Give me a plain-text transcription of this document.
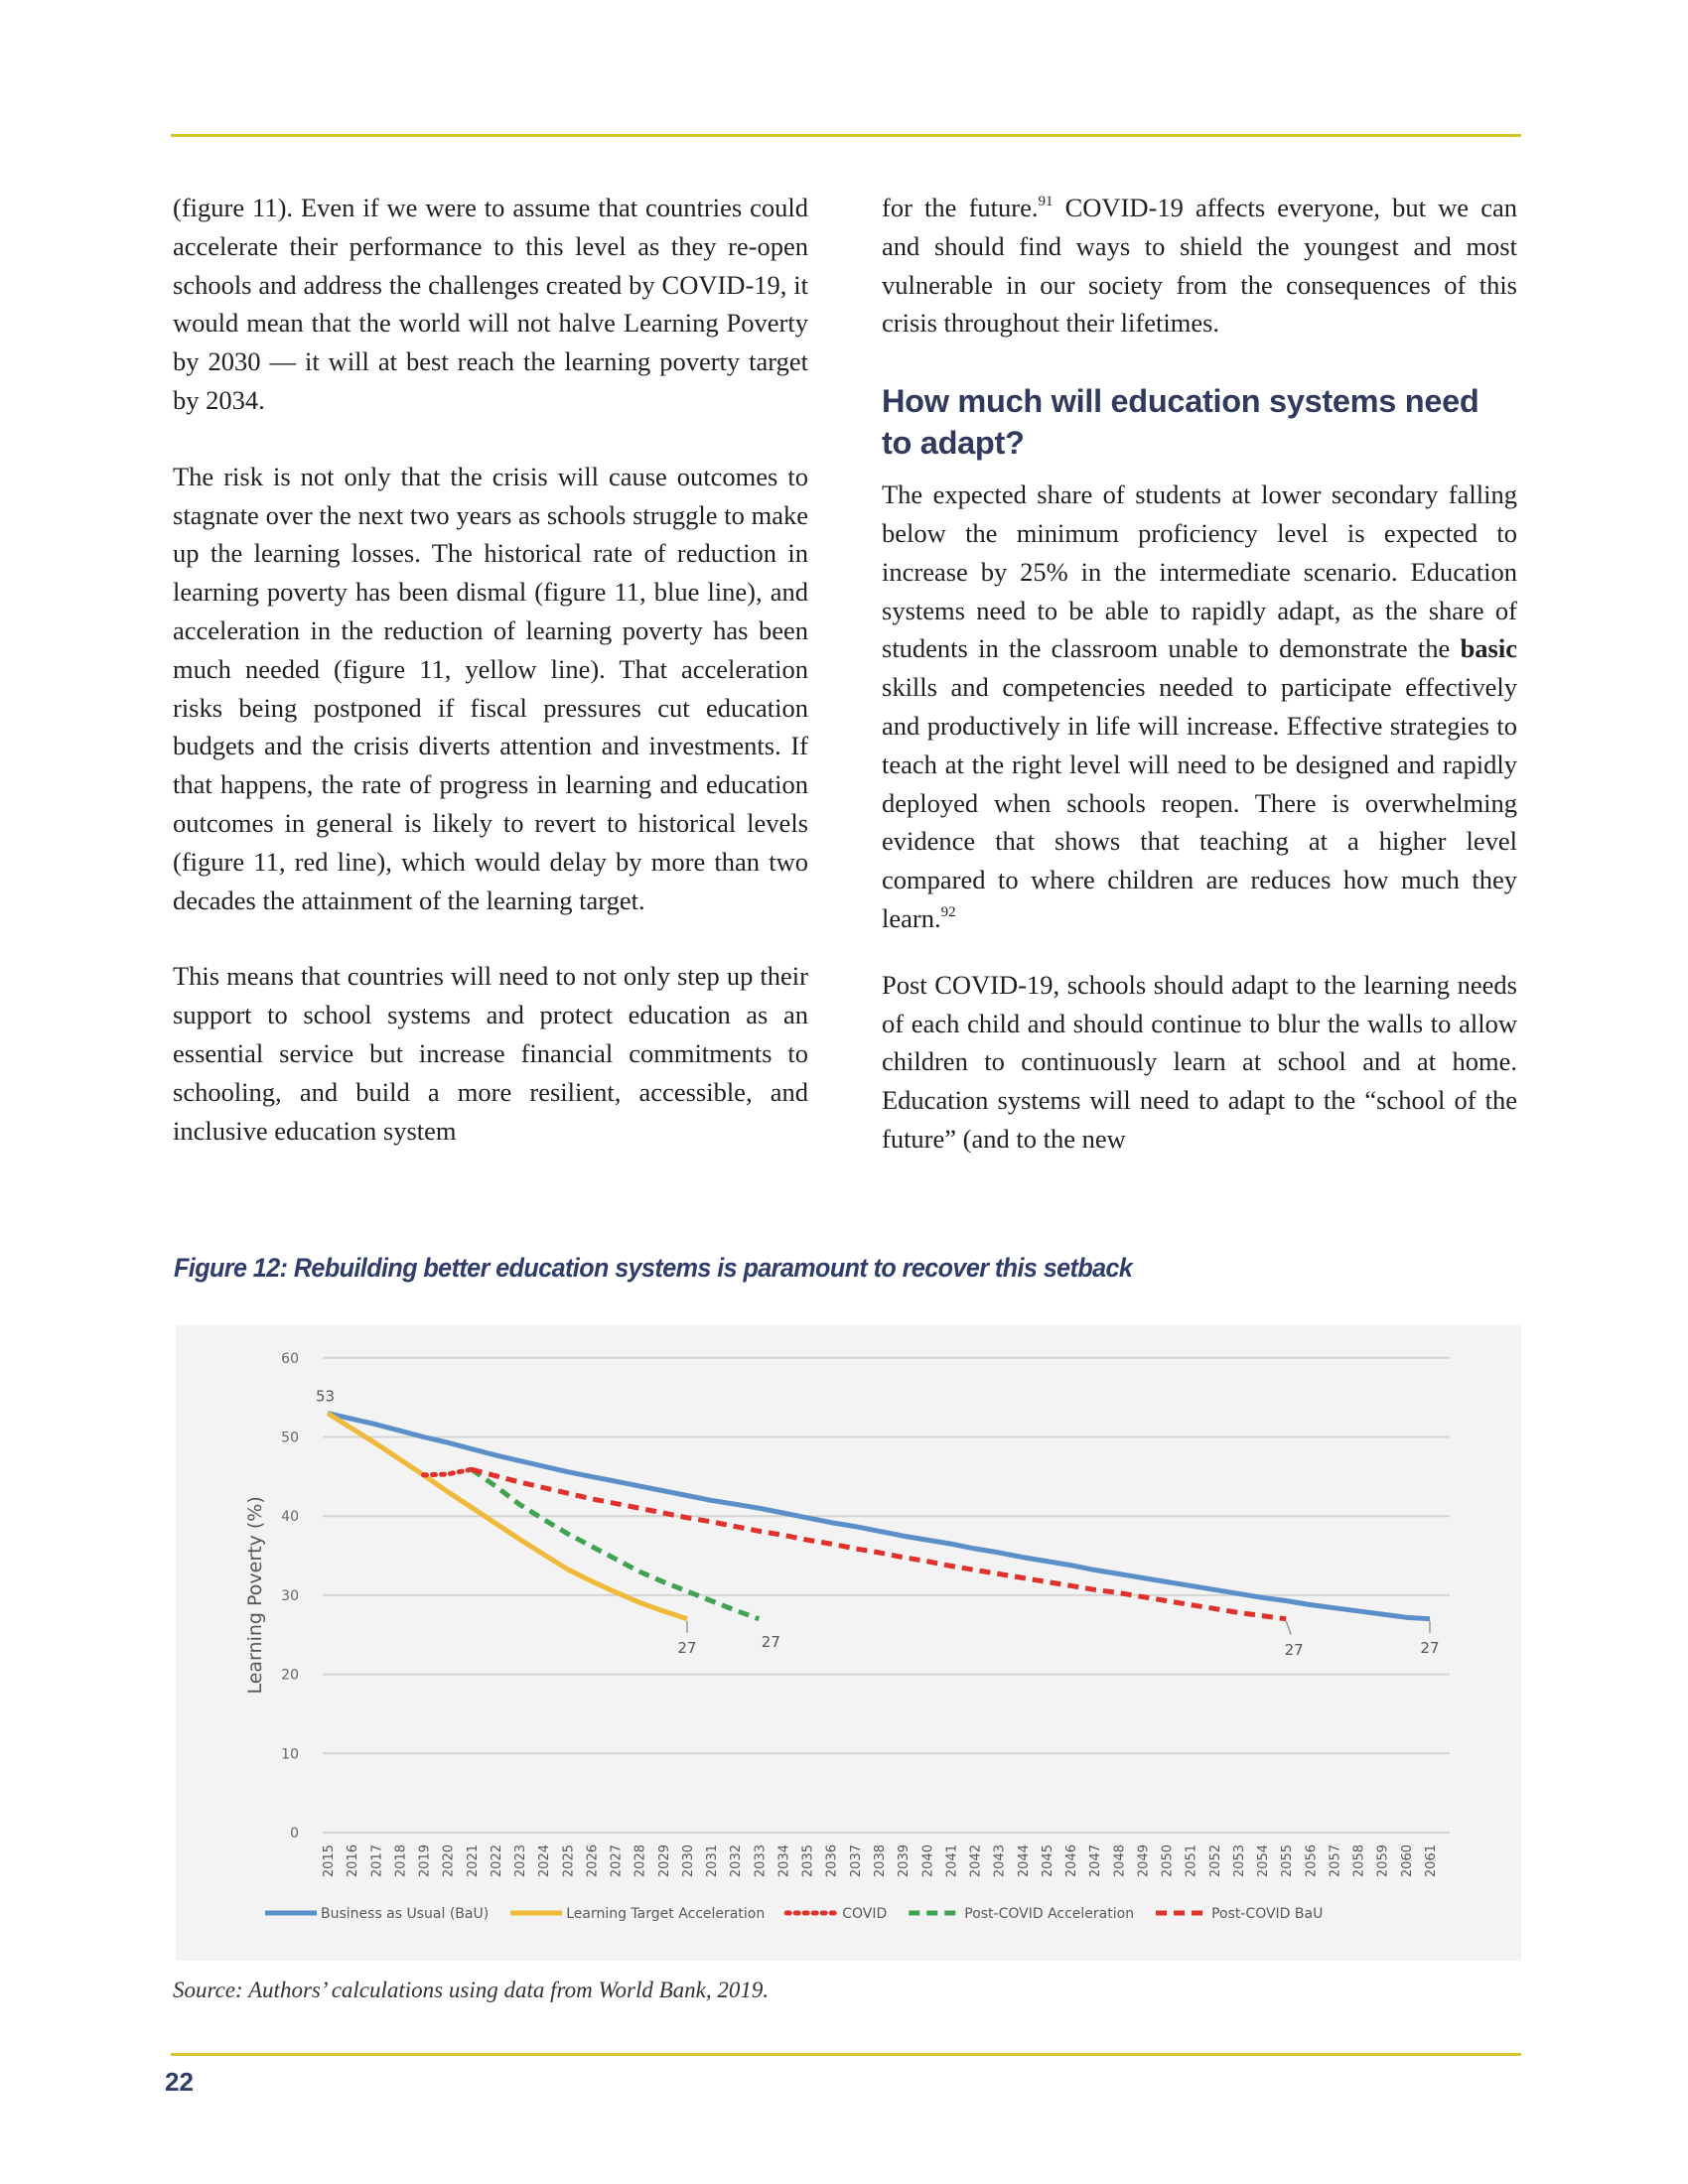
(figure 11). Even if we were to assume that countries could accelerate their performance to this level as they re-open schools and address the challenges created by COVID-19, it would mean that the world will not halve Learning Poverty by 2030 — it will at best reach the learning poverty target by 2034.

The risk is not only that the crisis will cause outcomes to stagnate over the next two years as schools struggle to make up the learning losses. The historical rate of reduction in learning poverty has been dismal (figure 11, blue line), and acceleration in the reduction of learning poverty has been much needed (figure 11, yellow line). That acceleration risks being postponed if fiscal pressures cut education budgets and the crisis diverts attention and investments. If that happens, the rate of progress in learning and education outcomes in general is likely to revert to historical levels (figure 11, red line), which would delay by more than two decades the attainment of the learning target.

This means that countries will need to not only step up their support to school systems and protect education as an essential service but increase financial commitments to schooling, and build a more resilient, accessible, and inclusive education system

for the future.$^{91}$ COVID-19 affects everyone, but we can and should find ways to shield the youngest and most vulnerable in our society from the consequences of this crisis throughout their lifetimes.

How much will education systems need to adapt?

The expected share of students at lower secondary falling below the minimum proficiency level is expected to increase by 25% in the intermediate scenario. Education systems need to be able to rapidly adapt, as the share of students in the classroom unable to demonstrate the basic skills and competencies needed to participate effectively and productively in life will increase. Effective strategies to teach at the right level will need to be designed and rapidly deployed when schools reopen. There is overwhelming evidence that shows that teaching at a higher level compared to where children are reduces how much they learn.$^{92}$

Post COVID-19, schools should adapt to the learning needs of each child and should continue to blur the walls to allow children to continuously learn at school and at home. Education systems will need to adapt to the “school of the future” (and to the new

Figure 12: Rebuilding better education systems is paramount to recover this setback
0
10
20
30
40
50
60
Learning Poverty (%)
2015 2016 2017 2018 2019 2020 2021 2022 2023 2024 2025 2026 2027 2028 2029 2030 2031 2032 2033 2034 2035 2036 2037 2038 2039 2040 2041 2042 2043 2044 2045 2046 2047 2048 2049 2050 2051 2052 2053 2054 2055 2056 2057 2058 2059 2060 2061
53
27
27	27	27
Business as Usual (BaU)	Learning Target Acceleration	COVID	Post-COVID Acceleration	Post-COVID BaU
Source: Authors’ calculations using data from World Bank, 2019.
22
